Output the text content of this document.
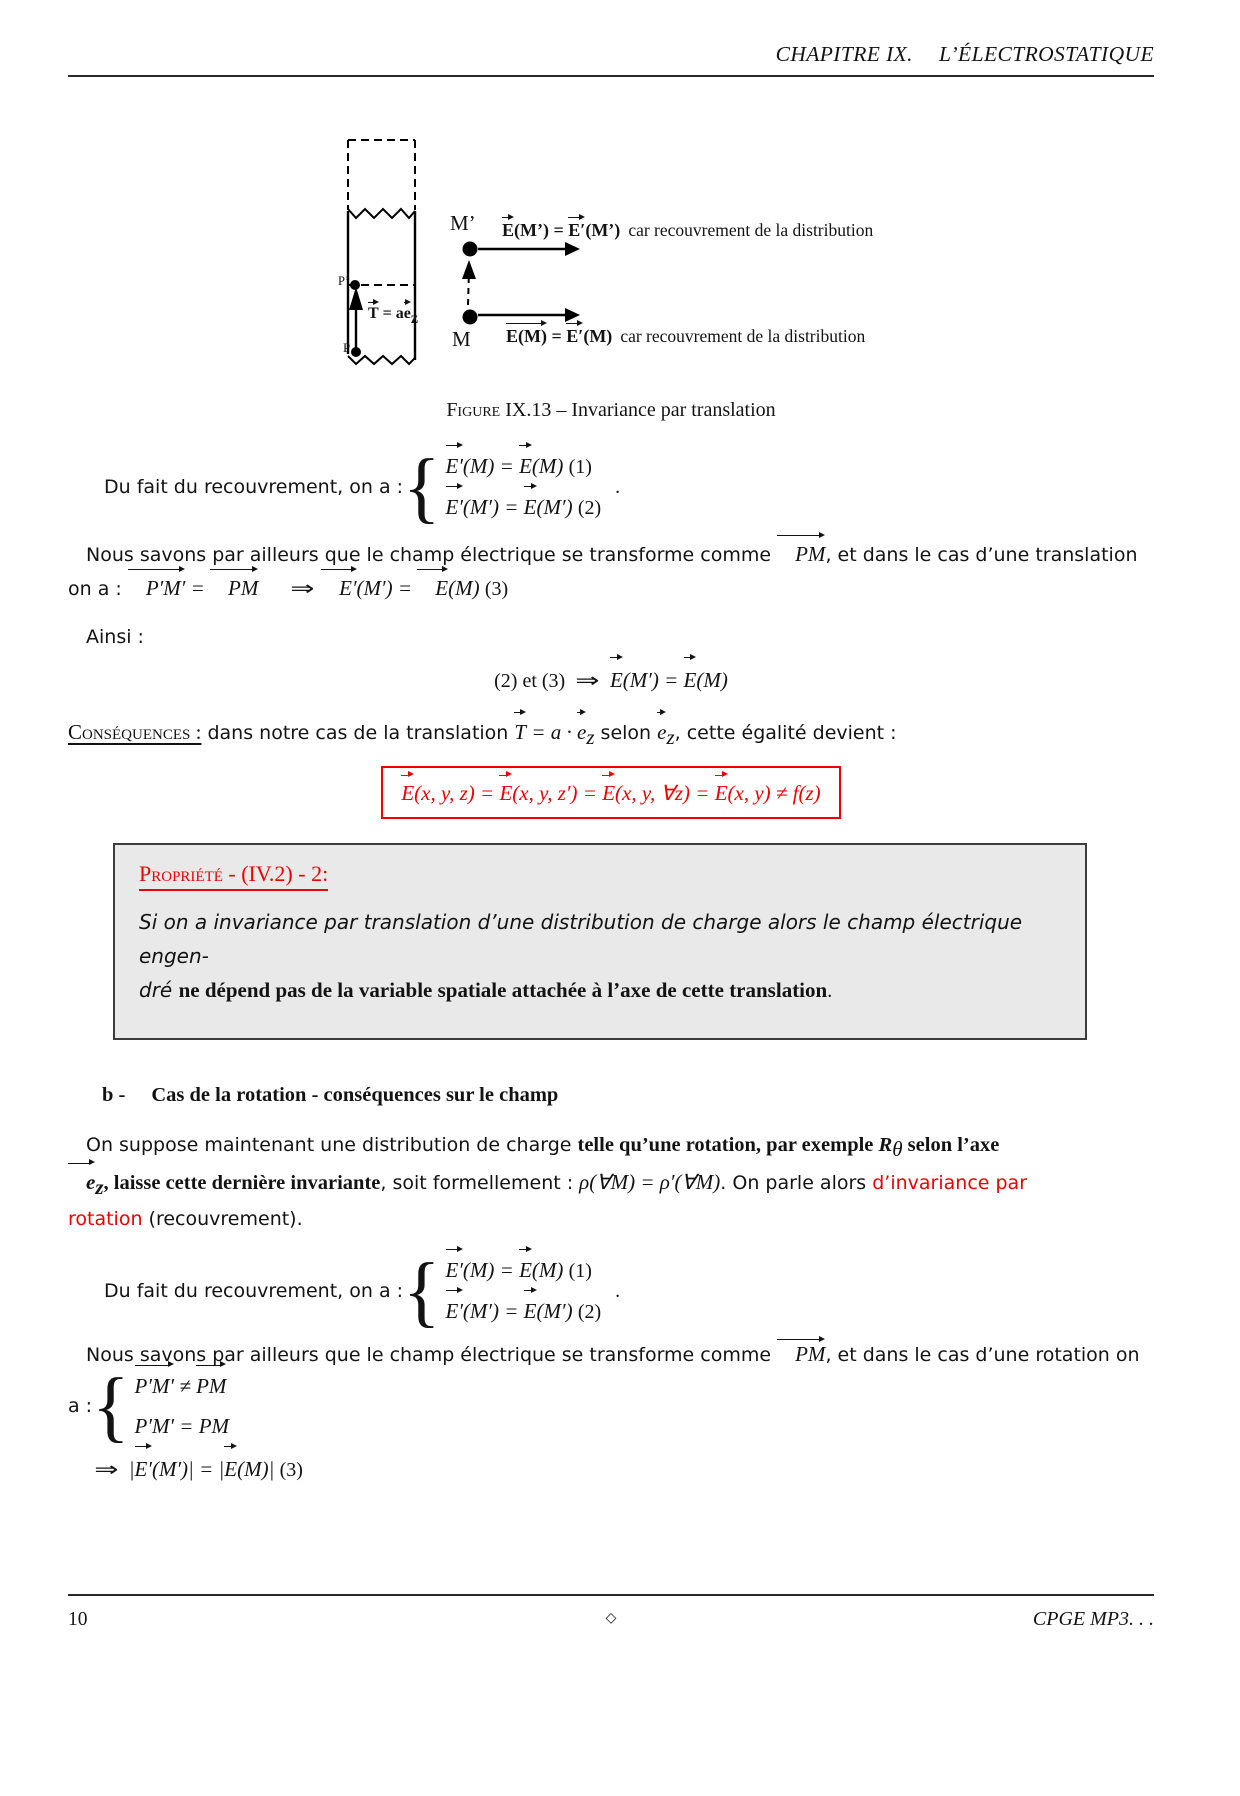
CHAPITRE IX. L’ÉLECTROSTATIQUE
M’
M
P’
P
$T = ae_z$
E(M’) = E′(M’) car recouvrement de la distribution
E(M) = E′(M) car recouvrement de la distribution
Figure IX.13 – Invariance par translation
Du fait du recouvrement, on a : { E′(M) = E(M) (1)
E′(M′) = E(M′) (2)
.
Nous savons par ailleurs que le champ électrique se transforme comme PM, et dans le cas d’une translation
on a : P′M′ = PM ⇒ E′(M′) = E(M) (3)
Ainsi :
(2) et (3) ⇒ E(M′) = E(M)
Conséquences : dans notre cas de la translation $T = a \cdot e_z$ selon $e_z$, cette égalité devient :
E(x, y, z) = E(x, y, z′) = E(x, y, ∀z) = E(x, y) ≠ f(z)
Propriété - (IV.2) - 2:
Si on a invariance par translation d’une distribution de charge alors le champ électrique engen-
dré ne dépend pas de la variable spatiale attachée à l’axe de cette translation.
b - Cas de la rotation - conséquences sur le champ
On suppose maintenant une distribution de charge telle qu’une rotation, par exemple $R_\theta$ selon l’axe
$e_z$, laisse cette dernière invariante, soit formellement : ρ(∀M) = ρ′(∀M). On parle alors d’invariance par
rotation (recouvrement).
Du fait du recouvrement, on a : { E′(M) = E(M) (1)
E′(M′) = E(M′) (2)
.
Nous savons par ailleurs que le champ électrique se transforme comme PM, et dans le cas d’une rotation on
a : { P′M′ ≠ PM
P′M′ = PM
⇒ |E′(M′)| = |E(M)| (3)
10	◇	CPGE MP3. . .
